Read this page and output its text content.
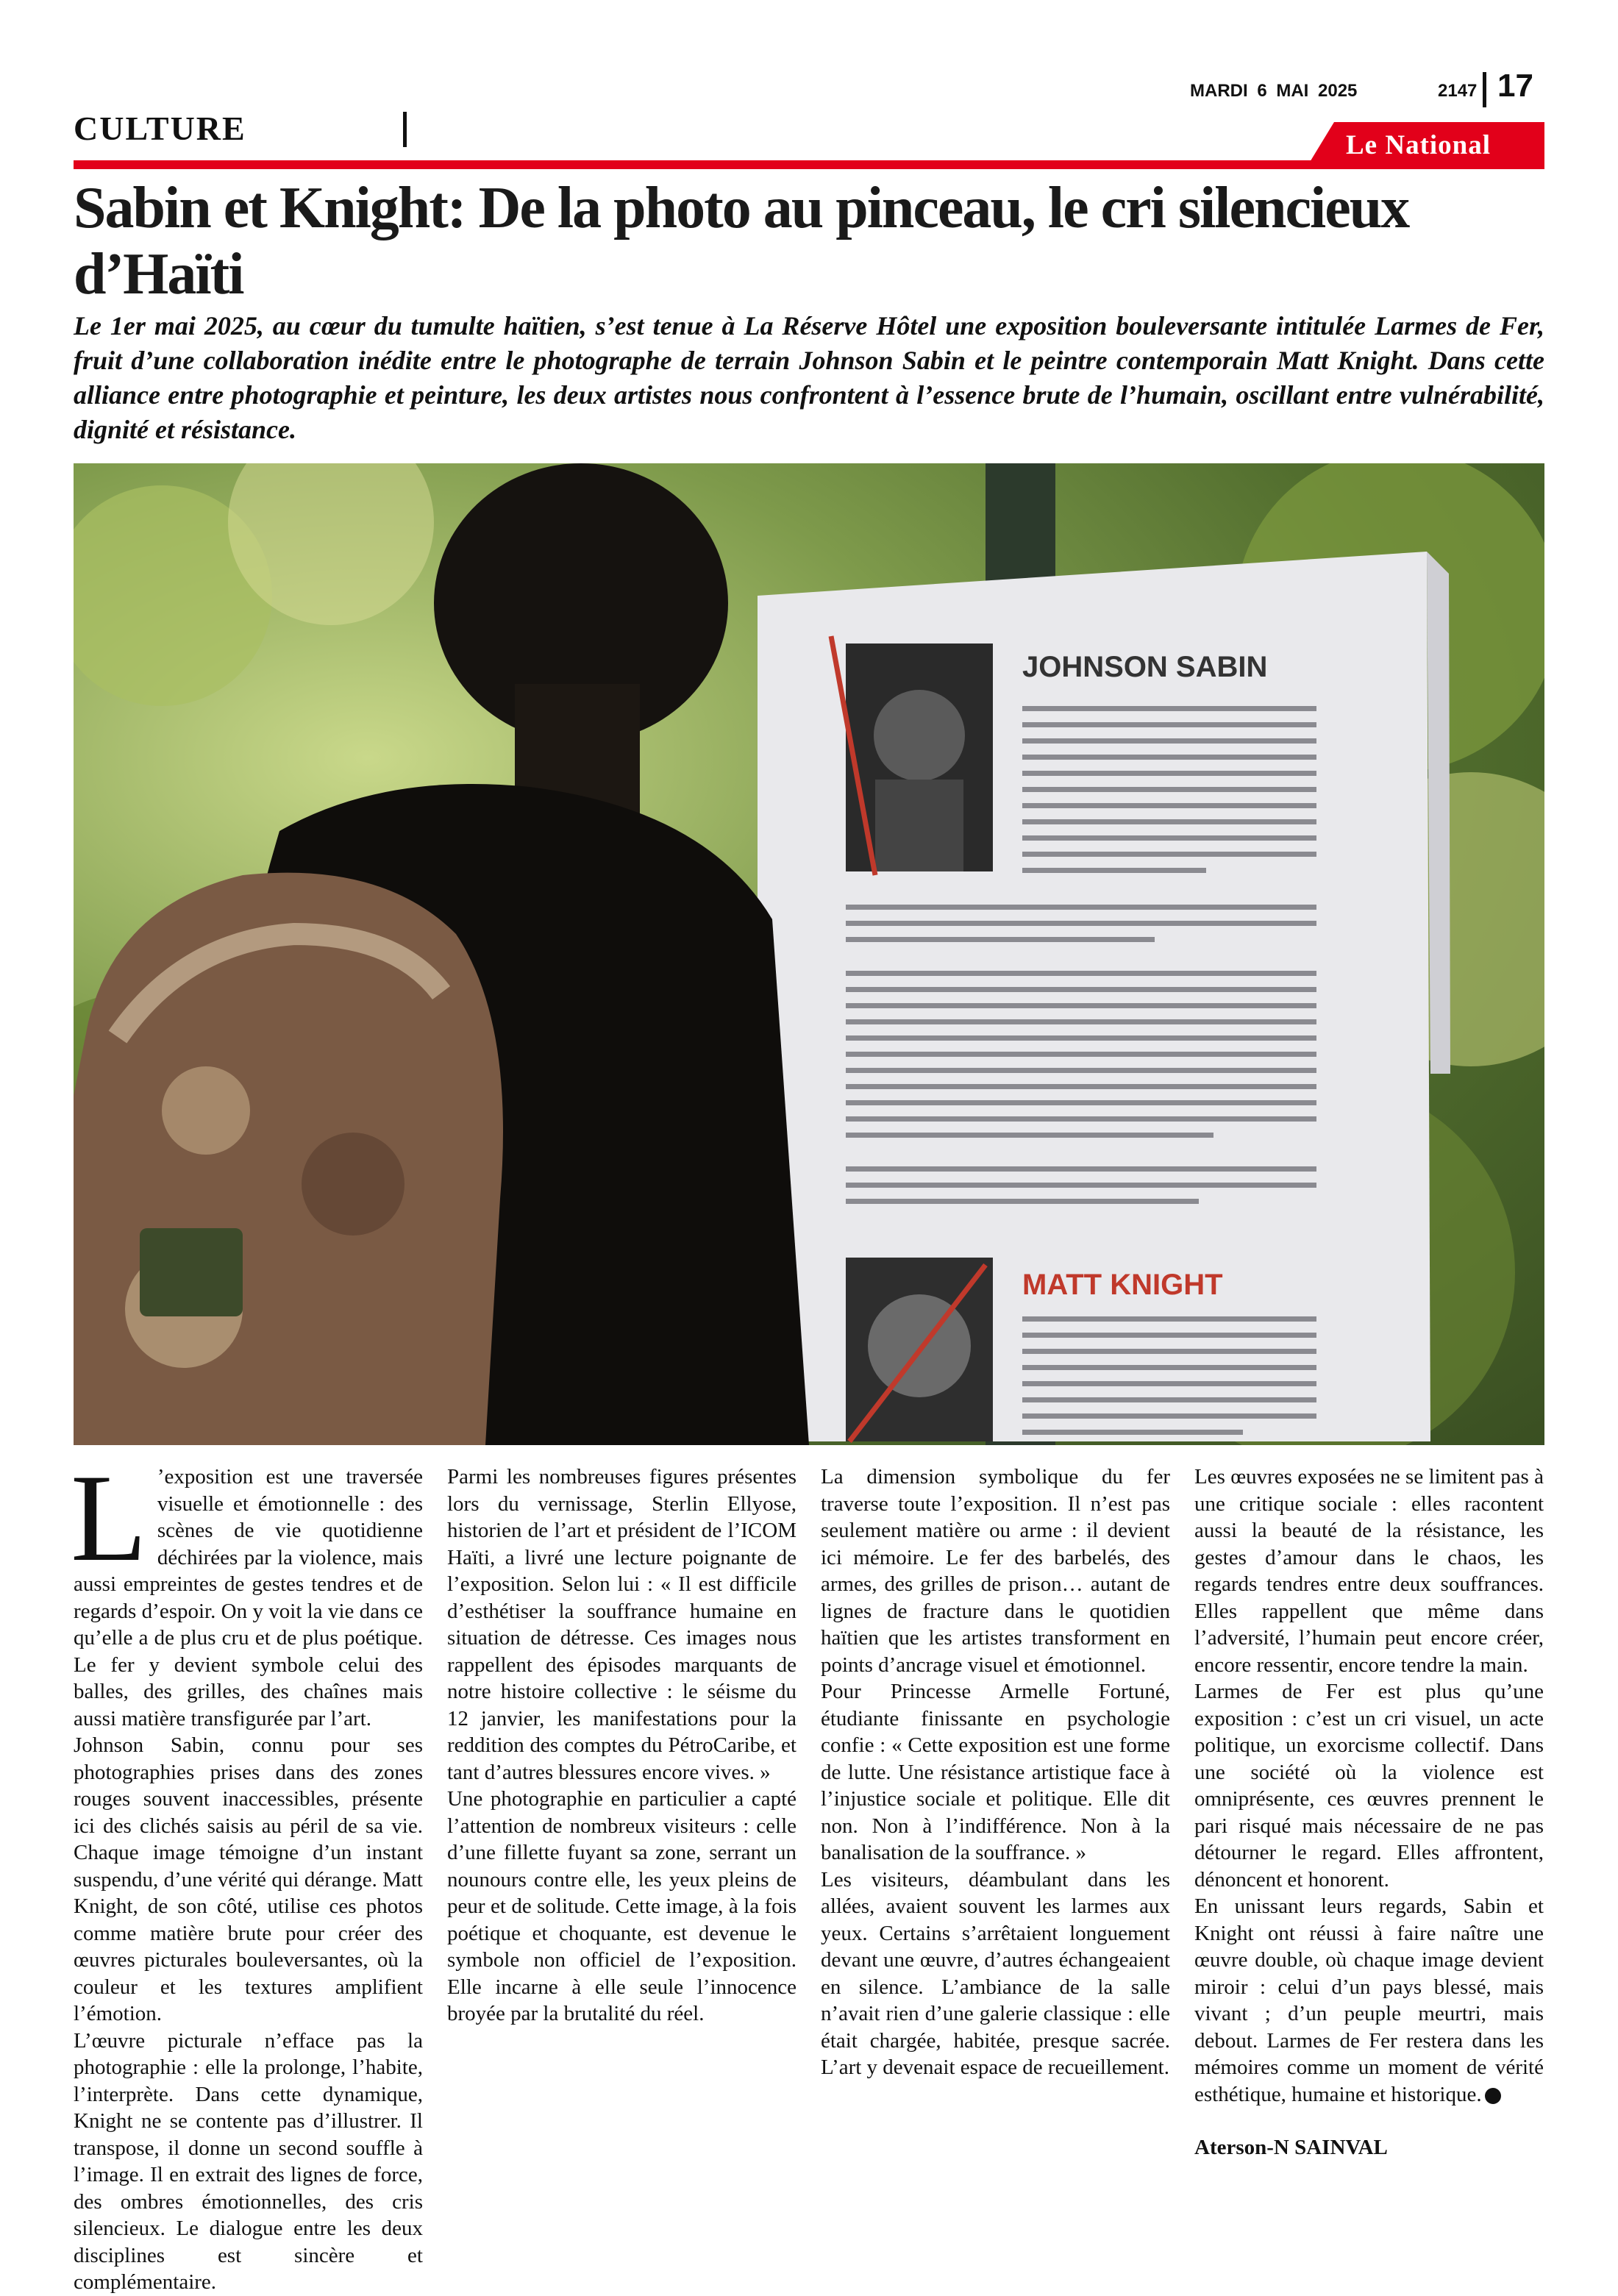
CULTURE
MARDI 6 MAI 2025	2147 17
Le National
Sabin et Knight: De la photo au pinceau, le cri silencieux d’Haïti
Le 1er mai 2025, au cœur du tumulte haïtien, s’est tenue à La Réserve Hôtel une exposition bouleversante intitulée Larmes de Fer, fruit d’une collaboration inédite entre le photographe de terrain Johnson Sabin et le peintre contemporain Matt Knight. Dans cette alliance entre photographie et peinture, les deux artistes nous confrontent à l’essence brute de l’humain, oscillant entre vulnérabilité, dignité et résistance.
JOHNSON SABIN
MATT KNIGHT

L ’exposition est une traversée visuelle et émotionnelle : des scènes de vie quotidienne déchirées par la violence, mais aussi empreintes de gestes tendres et de regards d’espoir. On y voit la vie dans ce qu’elle a de plus cru et de plus poétique. Le fer y devient symbole celui des balles, des grilles, des chaînes mais aussi matière transfigurée par l’art.

Johnson Sabin, connu pour ses photographies prises dans des zones rouges souvent inaccessibles, présente ici des clichés saisis au péril de sa vie. Chaque image témoigne d’un instant suspendu, d’une vérité qui dérange. Matt Knight, de son côté, utilise ces photos comme matière brute pour créer des œuvres picturales bouleversantes, où la couleur et les textures amplifient l’émotion.

L’œuvre picturale n’efface pas la photographie : elle la prolonge, l’habite, l’interprète. Dans cette dynamique, Knight ne se contente pas d’illustrer. Il transpose, il donne un second souffle à l’image. Il en extrait des lignes de force, des ombres émotionnelles, des cris silencieux. Le dialogue entre les deux disciplines est sincère et complémentaire.

Parmi les nombreuses figures présentes lors du vernissage, Sterlin Ellyose, historien de l’art et président de l’ICOM Haïti, a livré une lecture poignante de l’exposition. Selon lui : « Il est difficile d’esthétiser la souffrance humaine en situation de détresse. Ces images nous rappellent des épisodes marquants de notre histoire collective : le séisme du 12 janvier, les manifestations pour la reddition des comptes du PétroCaribe, et tant d’autres blessures encore vives. »

Une photographie en particulier a capté l’attention de nombreux visiteurs : celle d’une fillette fuyant sa zone, serrant un nounours contre elle, les yeux pleins de peur et de solitude. Cette image, à la fois poétique et choquante, est devenue le symbole non officiel de l’exposition. Elle incarne à elle seule l’innocence broyée par la brutalité du réel.

La dimension symbolique du fer traverse toute l’exposition. Il n’est pas seulement matière ou arme : il devient ici mémoire. Le fer des barbelés, des armes, des grilles de prison… autant de lignes de fracture dans le quotidien haïtien que les artistes transforment en points d’ancrage visuel et émotionnel.

Pour Princesse Armelle Fortuné, étudiante finissante en psychologie confie : « Cette exposition est une forme de lutte. Une résistance artistique face à l’injustice sociale et politique. Elle dit non. Non à l’indifférence. Non à la banalisation de la souffrance. »

Les visiteurs, déambulant dans les allées, avaient souvent les larmes aux yeux. Certains s’arrêtaient longuement devant une œuvre, d’autres échangeaient en silence. L’ambiance de la salle n’avait rien d’une galerie classique : elle était chargée, habitée, presque sacrée. L’art y devenait espace de recueillement.

Les œuvres exposées ne se limitent pas à une critique sociale : elles racontent aussi la beauté de la résistance, les gestes d’amour dans le chaos, les regards tendres entre deux souffrances. Elles rappellent que même dans l’adversité, l’humain peut encore créer, encore ressentir, encore tendre la main.

Larmes de Fer est plus qu’une exposition : c’est un cri visuel, un acte politique, un exorcisme collectif. Dans une société où la violence est omniprésente, ces œuvres prennent le pari risqué mais nécessaire de ne pas détourner le regard. Elles affrontent, dénoncent et honorent.

En unissant leurs regards, Sabin et Knight ont réussi à faire naître une œuvre double, où chaque image devient miroir : celui d’un pays blessé, mais vivant ; d’un peuple meurtri, mais debout. Larmes de Fer restera dans les mémoires comme un moment de vérité esthétique, humaine et historique.

Aterson-N SAINVAL
